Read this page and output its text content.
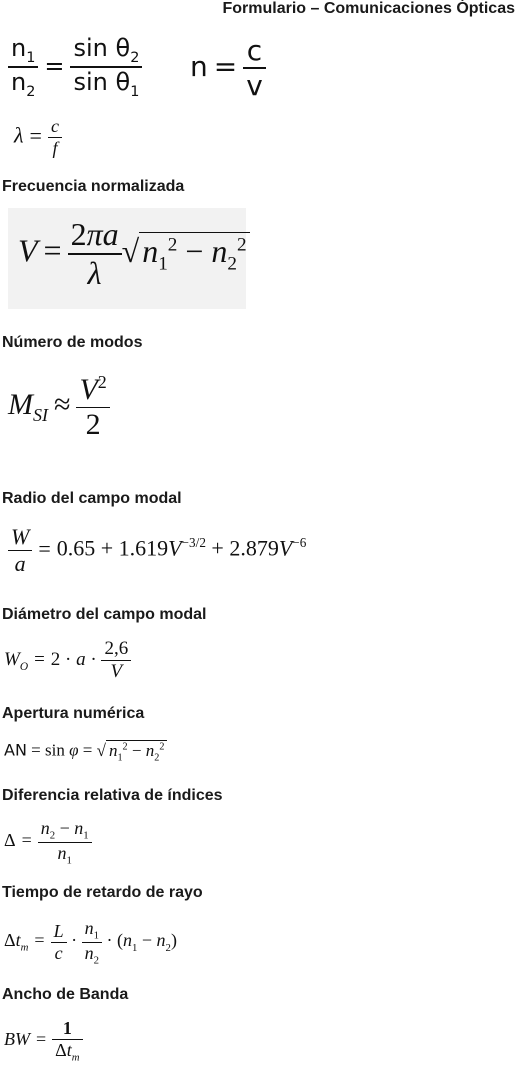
Formulario – Comunicaciones Ópticas
$\frac{n_1}{n_2} = \frac{\sin \theta_2}{\sin \theta_1}$ $n = \frac{c}{v}$
$\lambda = \frac{c}{f}$
Frecuencia normalizada
$V = \frac{2\pi a}{\lambda} √n_1^2 - n_2^2$
Número de modos
$M_{SI} \approx \frac{V^2}{2}$
Radio del campo modal
$\frac{W}{a} = 0.65 + 1.619V^{-3/2} + 2.879V^{-6}$
Diámetro del campo modal
$W_O = 2 \cdot a \cdot \frac{2,6}{V}$
Apertura numérica
AN = sin φ = √ $n_1^2 - n_2^2$
Diferencia relativa de índices
$\Delta = \frac{n_2 - n_1}{n_1}$
Tiempo de retardo de rayo
$\Delta t_m = \frac{L}{c} \cdot \frac{n_1}{n_2} \cdot (n_1 - n_2)$
Ancho de Banda
BW = $\frac{1}{\Delta t_m}$
